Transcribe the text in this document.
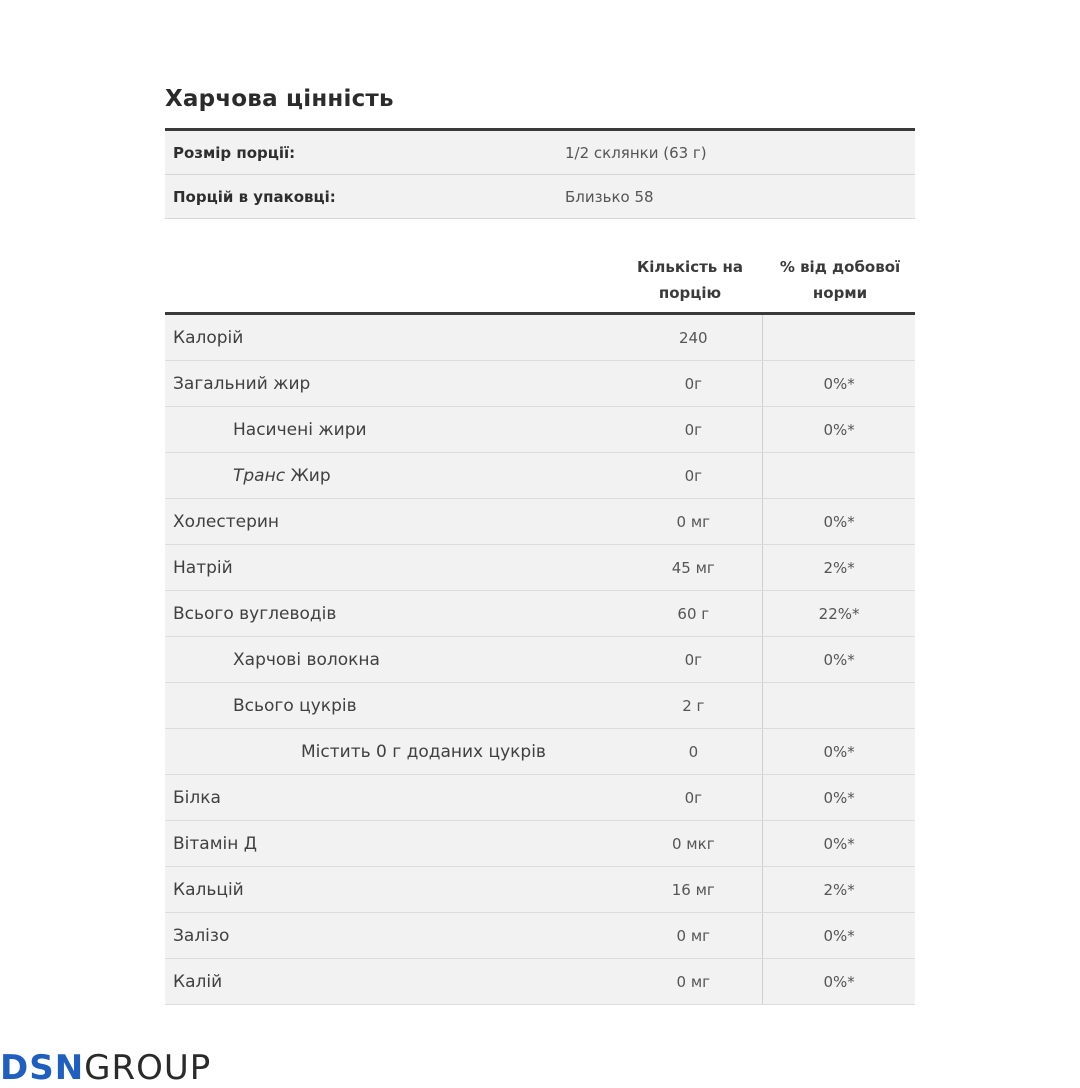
Харчова цінність
Розмір порції:	1/2 склянки (63 г)
Порцій в упаковці:	Близько 58
Кількість на
порцію
% від добової
норми
Калорій	240
Загальний жир	0г	0%*
Насичені жири	0г	0%*
Транс Жир	0г
Холестерин	0 мг	0%*
Натрій	45 мг	2%*
Всього вуглеводів	60 г	22%*
Харчові волокна	0г	0%*
Всього цукрів	2 г
Містить 0 г доданих цукрів	0	0%*
Білка	0г	0%*
Вітамін Д	0 мкг	0%*
Кальцій	16 мг	2%*
Залізо	0 мг	0%*
Калій	0 мг	0%*
DSNGROUP
